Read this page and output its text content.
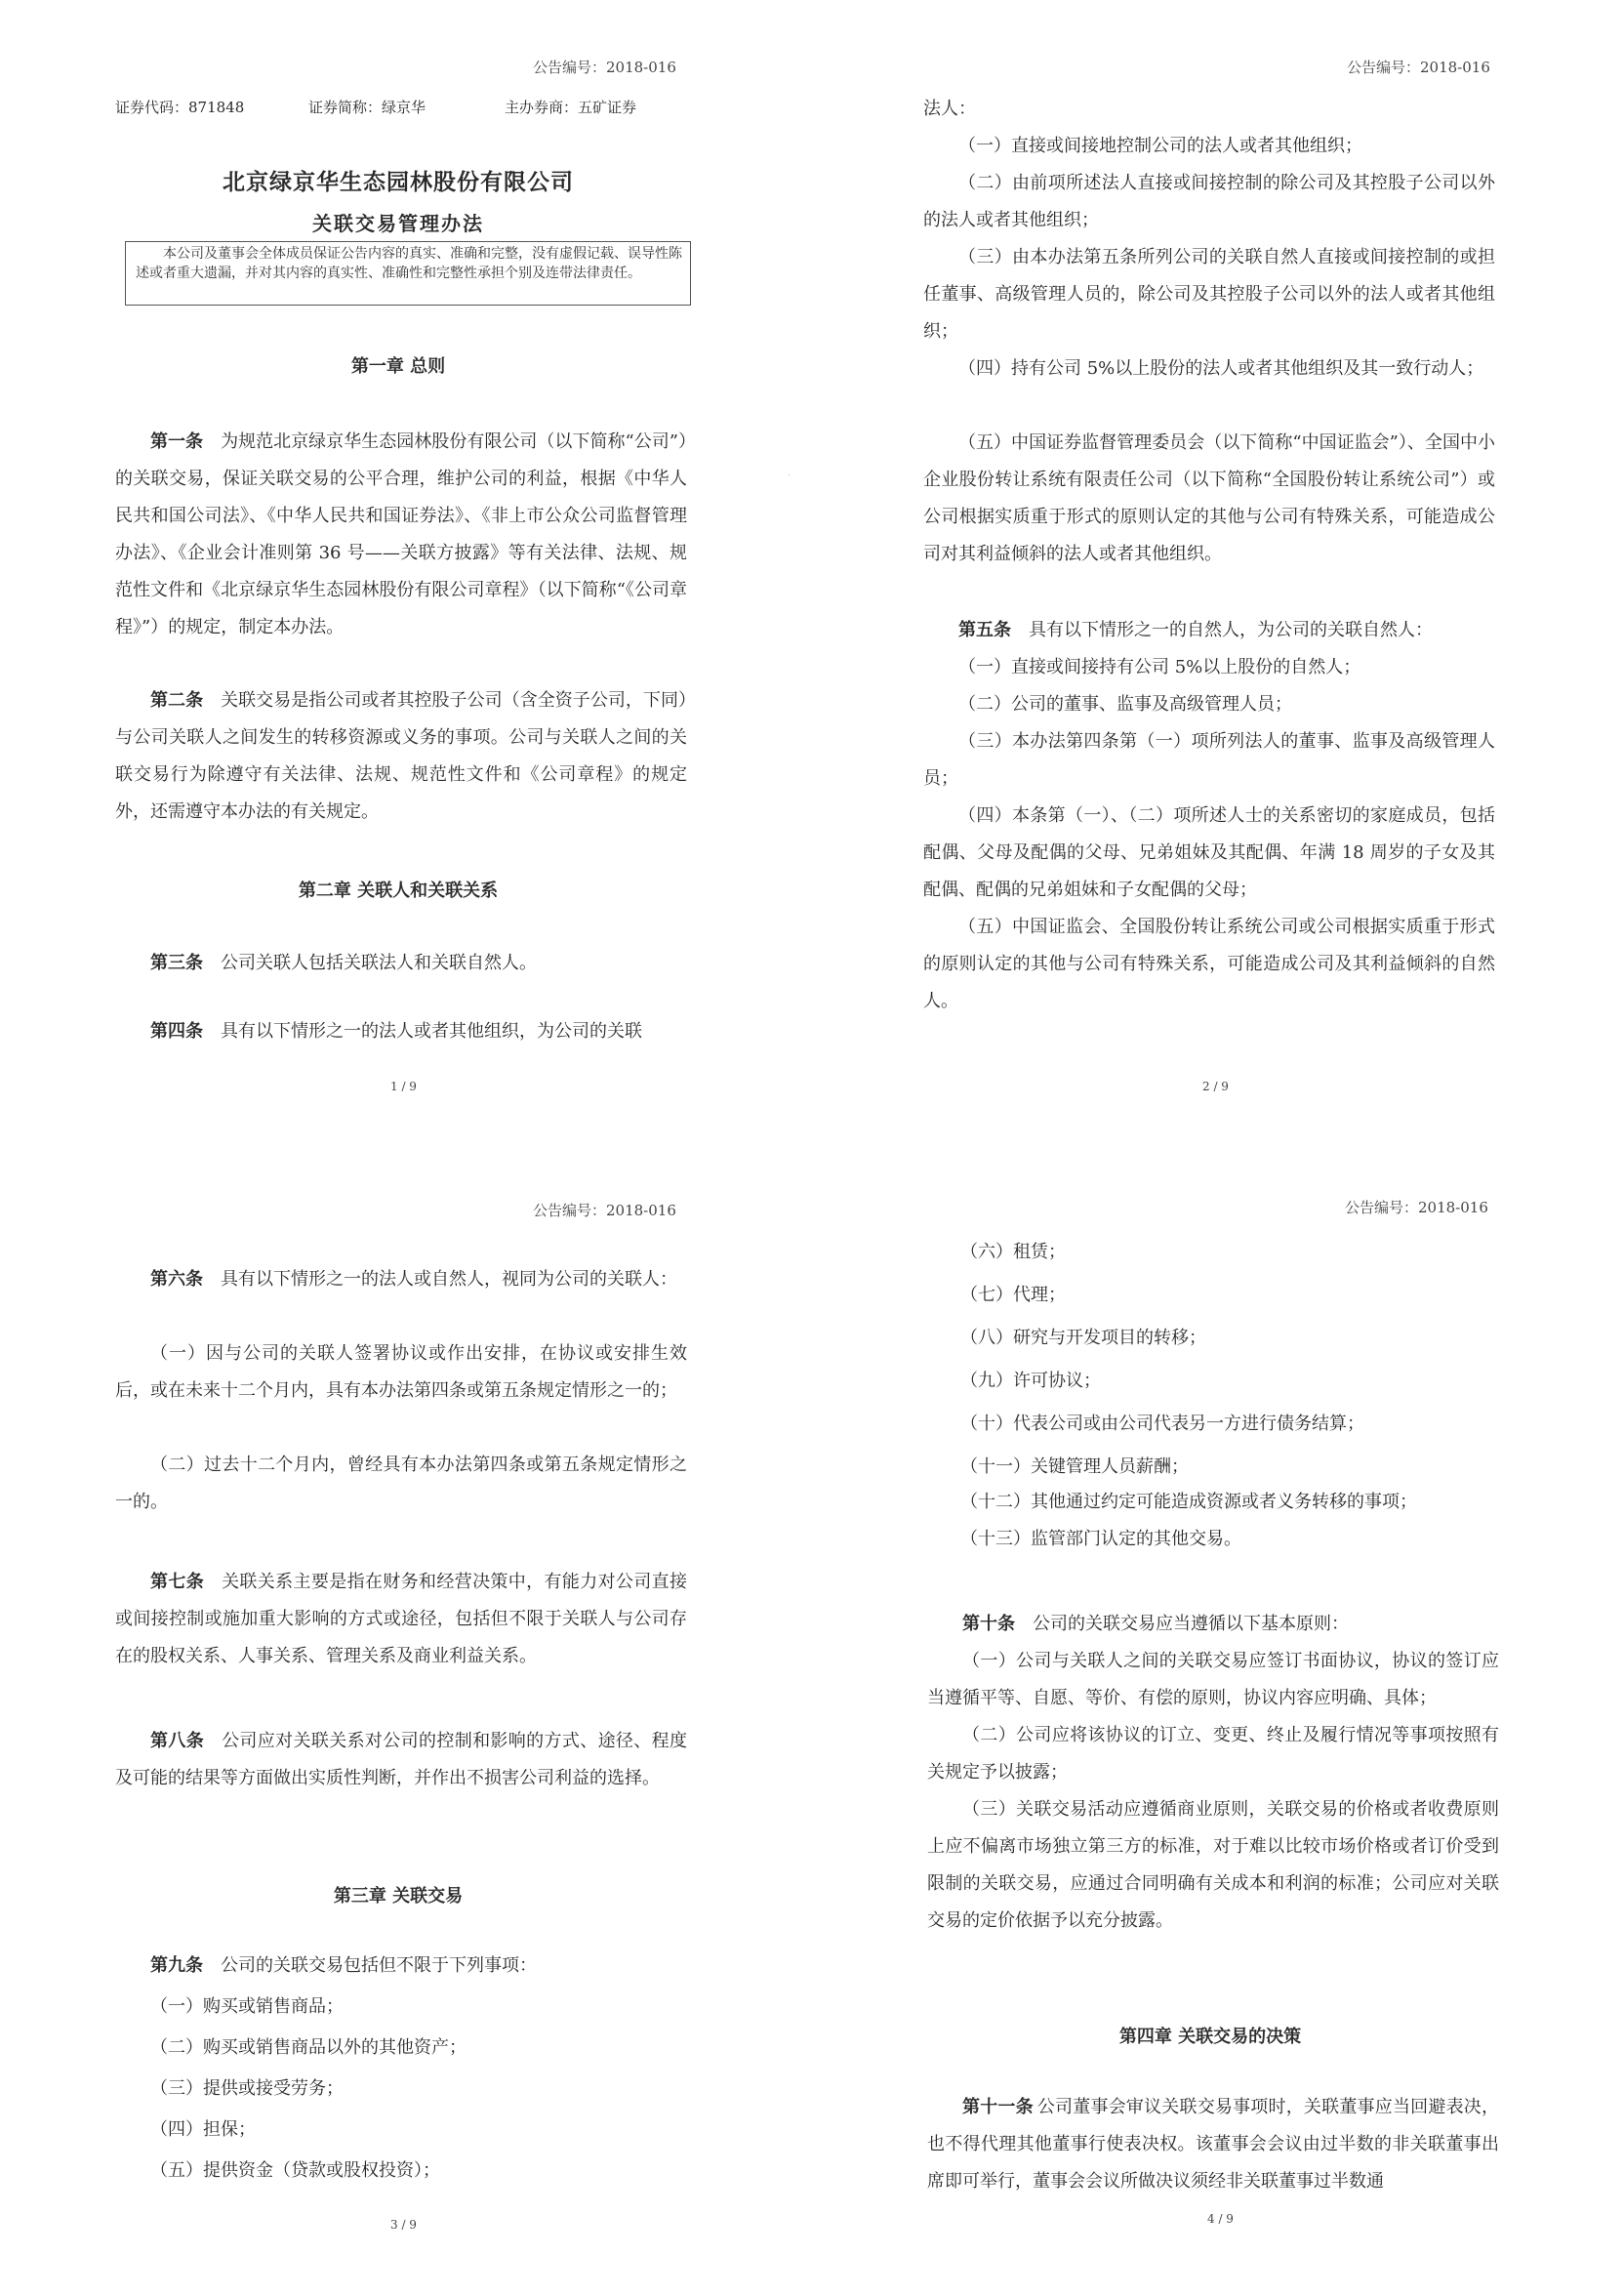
公告编号：2018-016
证券代码：871848	证券简称：绿京华	主办券商：五矿证券
北京绿京华生态园林股份有限公司
关联交易管理办法
本公司及董事会全体成员保证公告内容的真实、准确和完整，没有虚假记载、误导性陈述或者重大遗漏，并对其内容的真实性、准确性和完整性承担个别及连带法律责任。
第一章 总则
第一条 为规范北京绿京华生态园林股份有限公司（以下简称“公司”）的关联交易，保证关联交易的公平合理，维护公司的利益，根据《中华人民共和国公司法》、《中华人民共和国证券法》、《非上市公众公司监督管理办法》、《企业会计准则第 36 号——关联方披露》等有关法律、法规、规范性文件和《北京绿京华生态园林股份有限公司章程》（以下简称“《公司章程》”）的规定，制定本办法。
第二条 关联交易是指公司或者其控股子公司（含全资子公司，下同）与公司关联人之间发生的转移资源或义务的事项。公司与关联人之间的关联交易行为除遵守有关法律、法规、规范性文件和《公司章程》的规定外，还需遵守本办法的有关规定。
第二章 关联人和关联关系
第三条 公司关联人包括关联法人和关联自然人。
第四条 具有以下情形之一的法人或者其他组织，为公司的关联
1 / 9
公告编号：2018-016
法人：
（一）直接或间接地控制公司的法人或者其他组织；
（二）由前项所述法人直接或间接控制的除公司及其控股子公司以外的法人或者其他组织；
（三）由本办法第五条所列公司的关联自然人直接或间接控制的或担任董事、高级管理人员的，除公司及其控股子公司以外的法人或者其他组织；
（四）持有公司 5%以上股份的法人或者其他组织及其一致行动人；
（五）中国证券监督管理委员会（以下简称“中国证监会”）、全国中小企业股份转让系统有限责任公司（以下简称“全国股份转让系统公司”）或公司根据实质重于形式的原则认定的其他与公司有特殊关系，可能造成公司对其利益倾斜的法人或者其他组织。
第五条 具有以下情形之一的自然人，为公司的关联自然人：
（一）直接或间接持有公司 5%以上股份的自然人；
（二）公司的董事、监事及高级管理人员；
（三）本办法第四条第（一）项所列法人的董事、监事及高级管理人员；
（四）本条第（一）、（二）项所述人士的关系密切的家庭成员，包括配偶、父母及配偶的父母、兄弟姐妹及其配偶、年满 18 周岁的子女及其配偶、配偶的兄弟姐妹和子女配偶的父母；
（五）中国证监会、全国股份转让系统公司或公司根据实质重于形式的原则认定的其他与公司有特殊关系，可能造成公司及其利益倾斜的自然人。
2 / 9
公告编号：2018-016
第六条 具有以下情形之一的法人或自然人，视同为公司的关联人：
（一）因与公司的关联人签署协议或作出安排，在协议或安排生效后，或在未来十二个月内，具有本办法第四条或第五条规定情形之一的；
（二）过去十二个月内，曾经具有本办法第四条或第五条规定情形之一的。
第七条 关联关系主要是指在财务和经营决策中，有能力对公司直接或间接控制或施加重大影响的方式或途径，包括但不限于关联人与公司存在的股权关系、人事关系、管理关系及商业利益关系。
第八条 公司应对关联关系对公司的控制和影响的方式、途径、程度及可能的结果等方面做出实质性判断，并作出不损害公司利益的选择。
第三章 关联交易
第九条 公司的关联交易包括但不限于下列事项：
（一）购买或销售商品；
（二）购买或销售商品以外的其他资产；
（三）提供或接受劳务；
（四）担保；
（五）提供资金（贷款或股权投资）；
3 / 9
公告编号：2018-016
（六）租赁；
（七）代理；
（八）研究与开发项目的转移；
（九）许可协议；
（十）代表公司或由公司代表另一方进行债务结算；
（十一）关键管理人员薪酬；
（十二）其他通过约定可能造成资源或者义务转移的事项；
（十三）监管部门认定的其他交易。
第十条 公司的关联交易应当遵循以下基本原则：
（一）公司与关联人之间的关联交易应签订书面协议，协议的签订应当遵循平等、自愿、等价、有偿的原则，协议内容应明确、具体；
（二）公司应将该协议的订立、变更、终止及履行情况等事项按照有关规定予以披露；
（三）关联交易活动应遵循商业原则，关联交易的价格或者收费原则上应不偏离市场独立第三方的标准，对于难以比较市场价格或者订价受到限制的关联交易，应通过合同明确有关成本和利润的标准；公司应对关联交易的定价依据予以充分披露。
第四章 关联交易的决策
第十一条 公司董事会审议关联交易事项时，关联董事应当回避表决，也不得代理其他董事行使表决权。该董事会会议由过半数的非关联董事出席即可举行，董事会会议所做决议须经非关联董事过半数通
4 / 9
